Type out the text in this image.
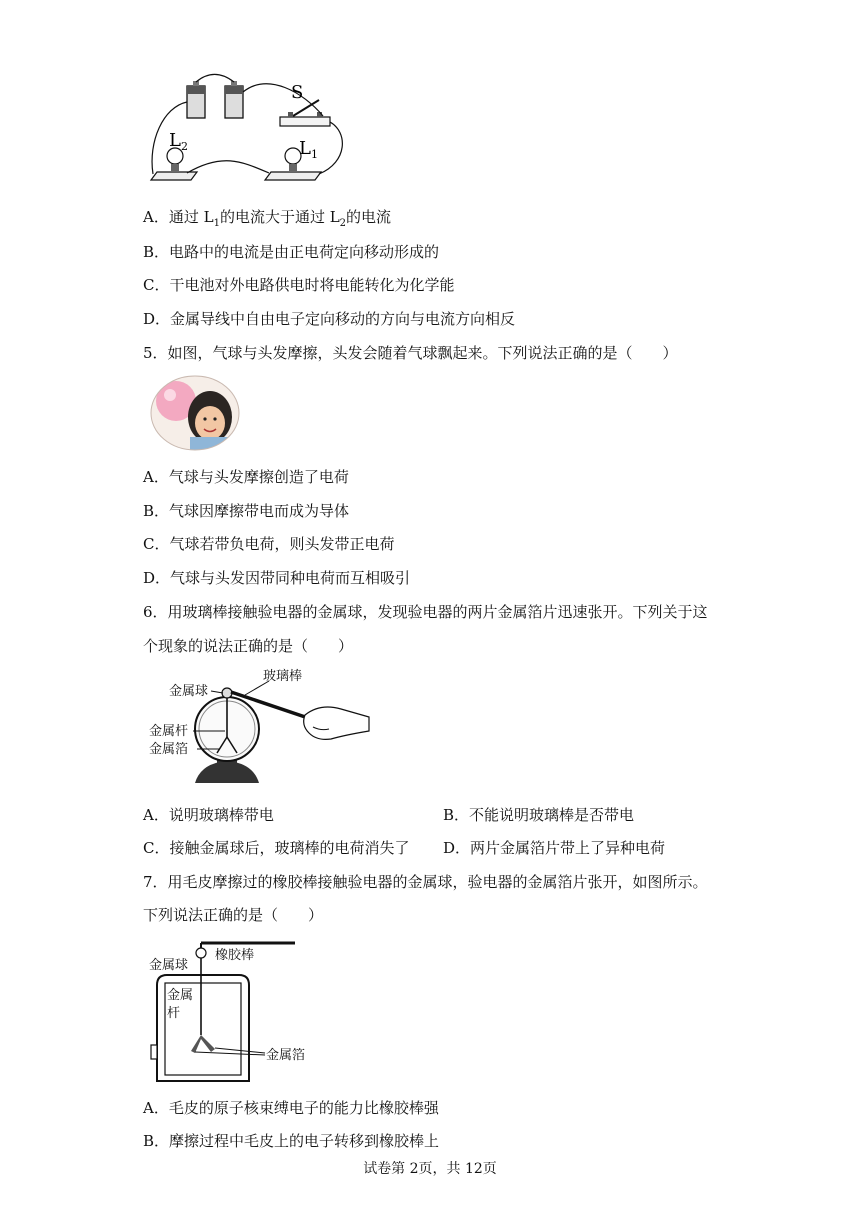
S
$L_2$	$L_1$
A．通过 $L_1$的电流大于通过 $L_2$的电流
B．电路中的电流是由正电荷定向移动形成的
C．干电池对外电路供电时将电能转化为化学能
D．金属导线中自由电子定向移动的方向与电流方向相反
5．如图，气球与头发摩擦，头发会随着气球飘起来。下列说法正确的是（　　）
A．气球与头发摩擦创造了电荷
B．气球因摩擦带电而成为导体
C．气球若带负电荷，则头发带正电荷
D．气球与头发因带同种电荷而互相吸引
6．用玻璃棒接触验电器的金属球，发现验电器的两片金属箔片迅速张开。下列关于这
个现象的说法正确的是（　　）
金属球
玻璃棒
金属杆
金属箔
A．说明玻璃棒带电	B．不能说明玻璃棒是否带电
C．接触金属球后，玻璃棒的电荷消失了 D．两片金属箔片带上了异种电荷
7．用毛皮摩擦过的橡胶棒接触验电器的金属球，验电器的金属箔片张开，如图所示。
下列说法正确的是（　　）
金属球
橡胶棒
金属
杆
金属箔
A．毛皮的原子核束缚电子的能力比橡胶棒强
B．摩擦过程中毛皮上的电子转移到橡胶棒上
试卷第 2页，共 12页
